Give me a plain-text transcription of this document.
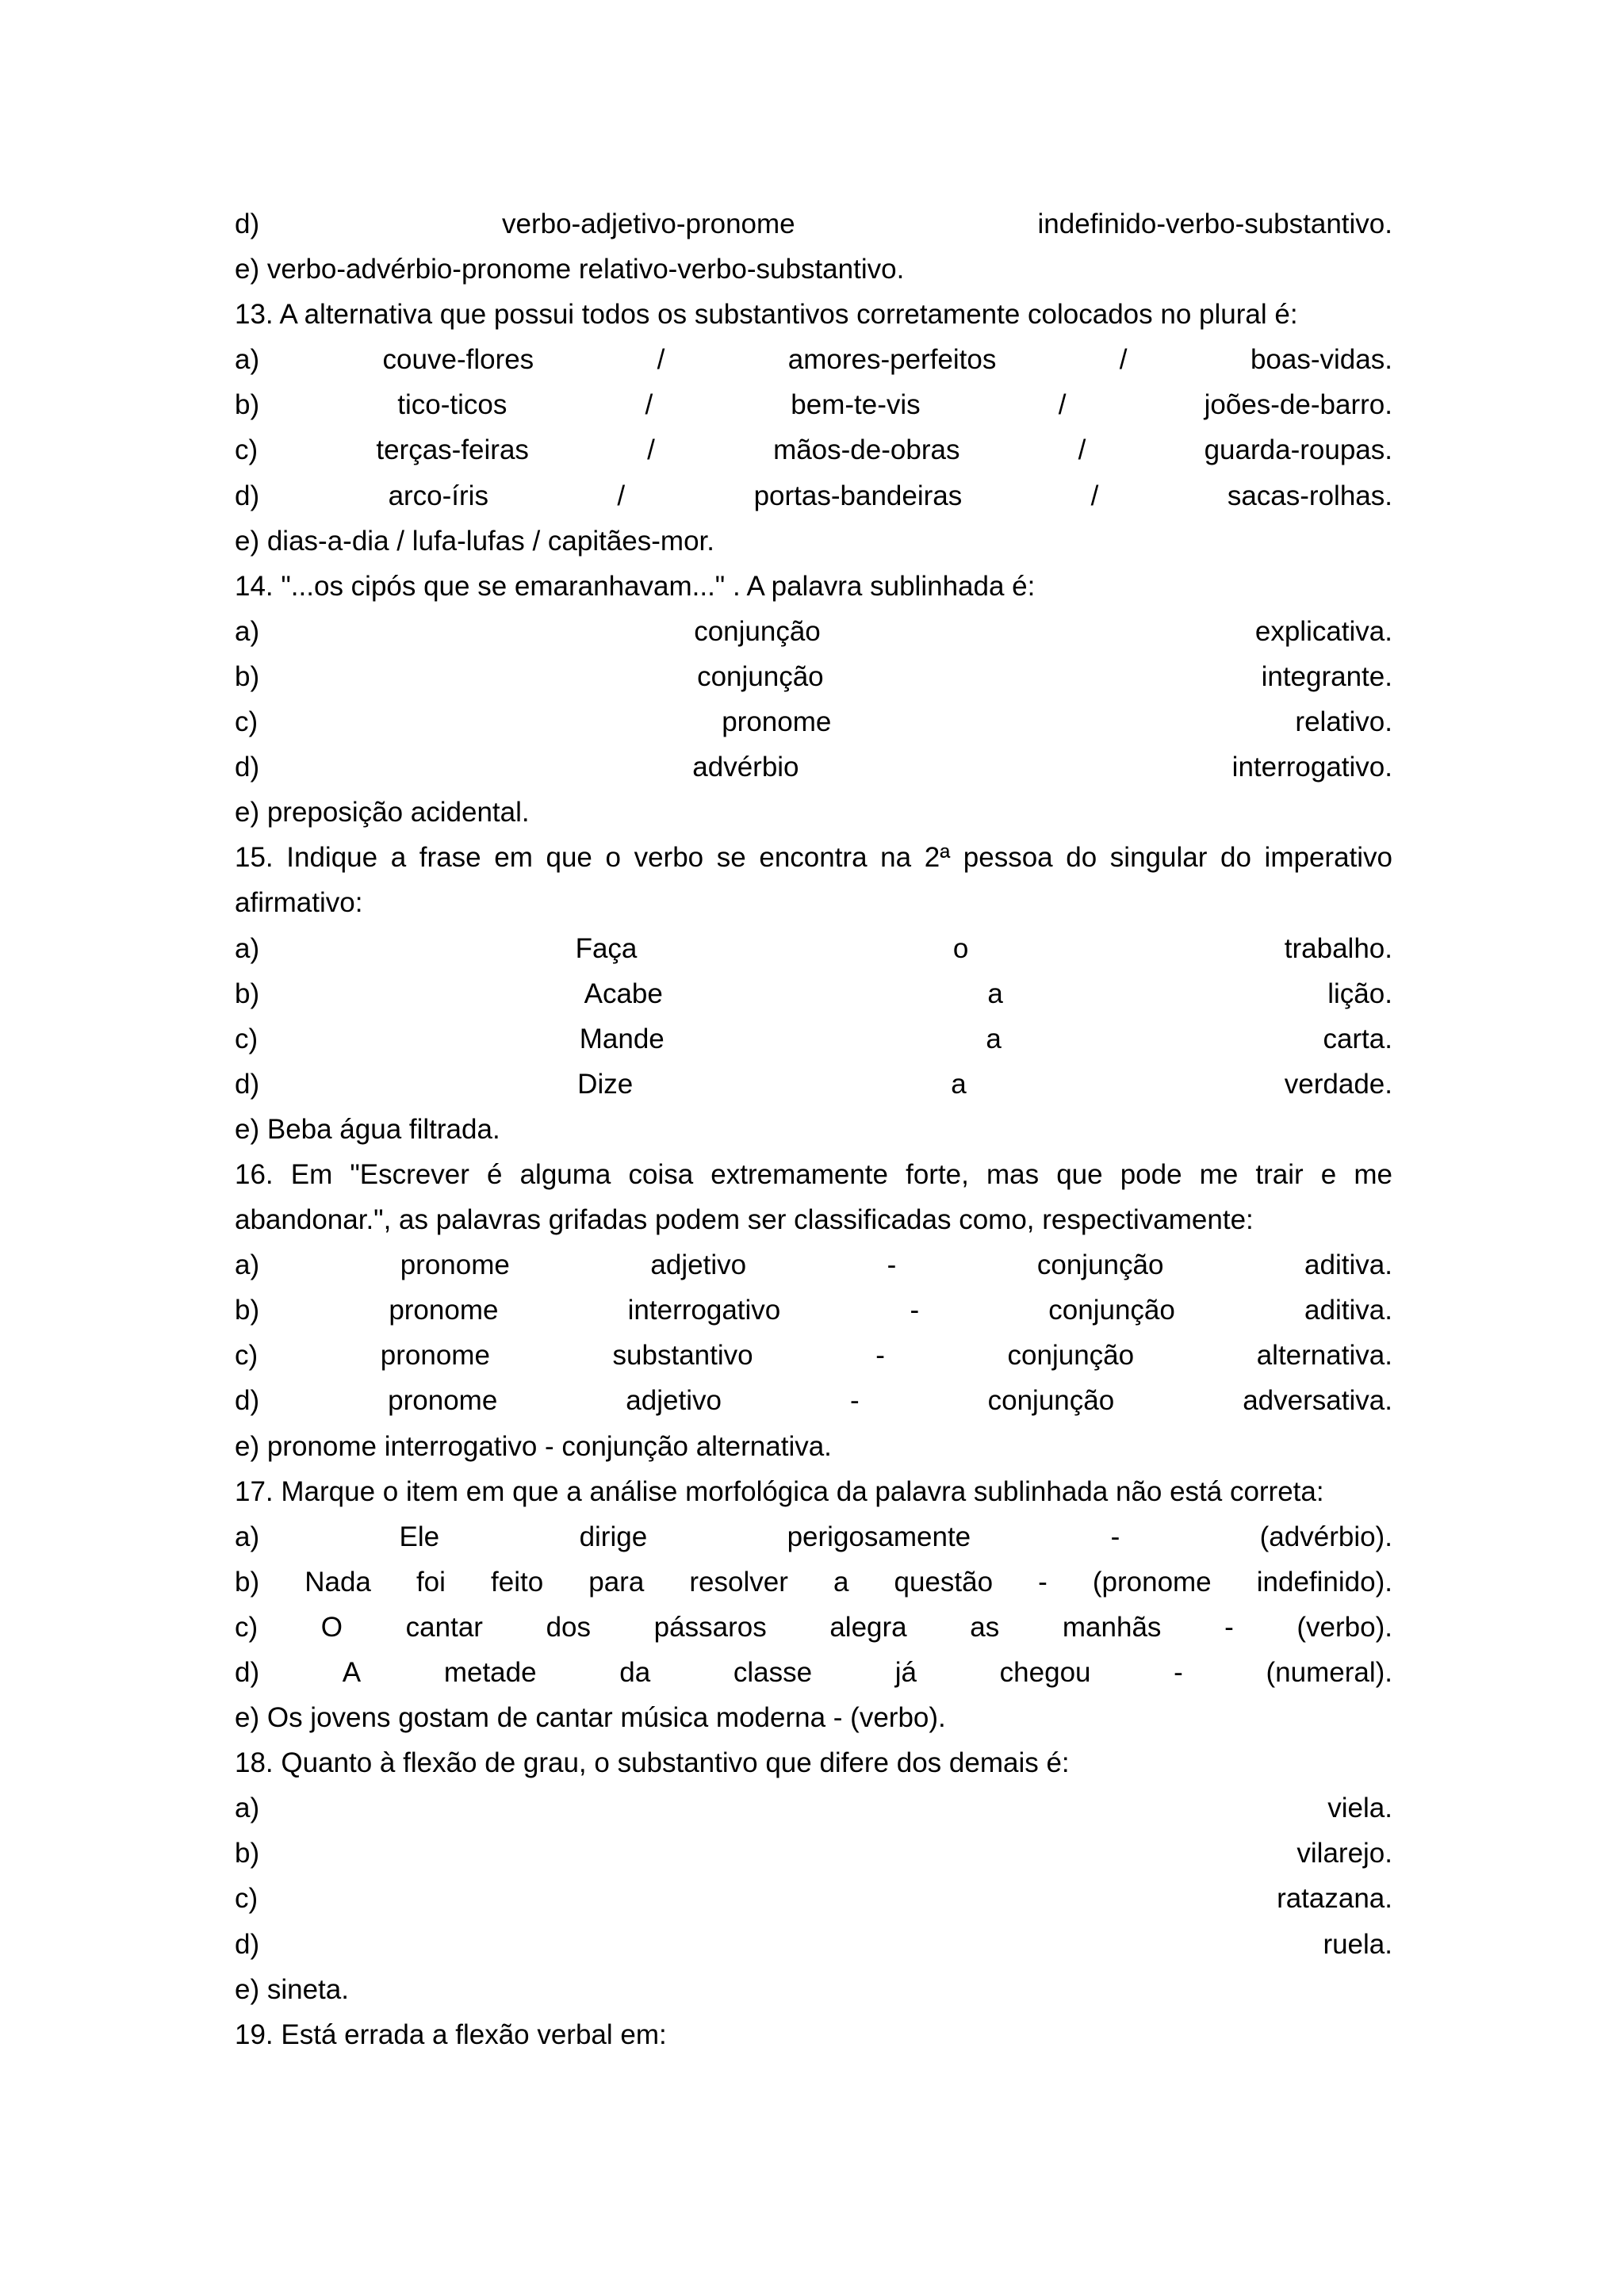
d)	verbo-adjetivo-pronome	indefinido-verbo-substantivo.
e) verbo-advérbio-pronome relativo-verbo-substantivo.
13. A alternativa que possui todos os substantivos corretamente colocados no plural é:
a)	couve-flores	/	amores-perfeitos	/	boas-vidas.
b)	tico-ticos	/	bem-te-vis	/	joões-de-barro.
c)	terças-feiras	/	mãos-de-obras	/	guarda-roupas.
d)	arco-íris	/	portas-bandeiras	/	sacas-rolhas.
e) dias-a-dia / lufa-lufas / capitães-mor.
14. "...os cipós que se emaranhavam..." . A palavra sublinhada é:
a)	conjunção	explicativa.
b)	conjunção	integrante.
c)	pronome	relativo.
d)	advérbio	interrogativo.
e) preposição acidental.
15. Indique a frase em que o verbo se encontra na 2ª pessoa do singular do imperativo
afirmativo:
a)	Faça	o	trabalho.
b)	Acabe	a	lição.
c)	Mande	a	carta.
d)	Dize	a	verdade.
e) Beba água filtrada.
16. Em "Escrever é alguma coisa extremamente forte, mas que pode me trair e me
abandonar.", as palavras grifadas podem ser classificadas como, respectivamente:
a)	pronome	adjetivo	-	conjunção	aditiva.
b)	pronome	interrogativo	-	conjunção	aditiva.
c)	pronome	substantivo	-	conjunção	alternativa.
d)	pronome	adjetivo	-	conjunção	adversativa.
e) pronome interrogativo - conjunção alternativa.
17. Marque o item em que a análise morfológica da palavra sublinhada não está correta:
a)	Ele	dirige	perigosamente	-	(advérbio).
b) Nada foi feito para resolver a questão - (pronome indefinido).
c) O cantar dos pássaros alegra as manhãs - (verbo).
d)	A	metade	da	classe	já	chegou	-	(numeral).
e) Os jovens gostam de cantar música moderna - (verbo).
18. Quanto à flexão de grau, o substantivo que difere dos demais é:
a)	viela.
b)	vilarejo.
c)	ratazana.
d)	ruela.
e) sineta.
19. Está errada a flexão verbal em:
